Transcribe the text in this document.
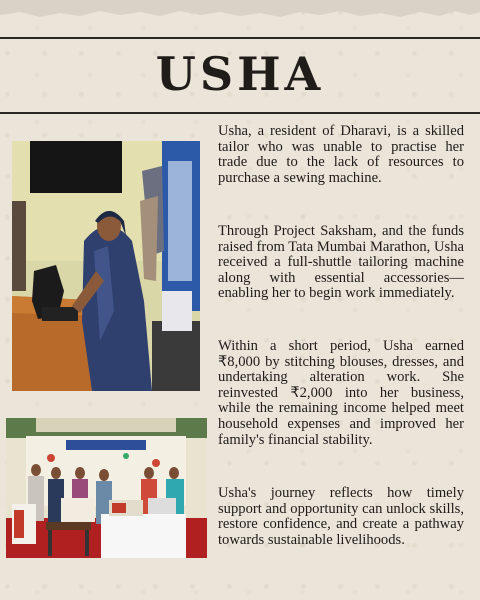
USHA

Usha, a resident of Dharavi, is a skilled tailor who was unable to practise her trade due to the lack of resources to purchase a sewing machine.

Through Project Saksham, and the funds raised from Tata Mumbai Marathon, Usha received a full-shuttle tailoring machine along with essential accessories—enabling her to begin work immediately.

Within a short period, Usha earned ₹8,000 by stitching blouses, dresses, and undertaking alteration work. She reinvested ₹2,000 into her business, while the remaining income helped meet household expenses and improved her family's financial stability.

Usha's journey reflects how timely support and opportunity can unlock skills, restore confidence, and create a pathway towards sustainable livelihoods.
